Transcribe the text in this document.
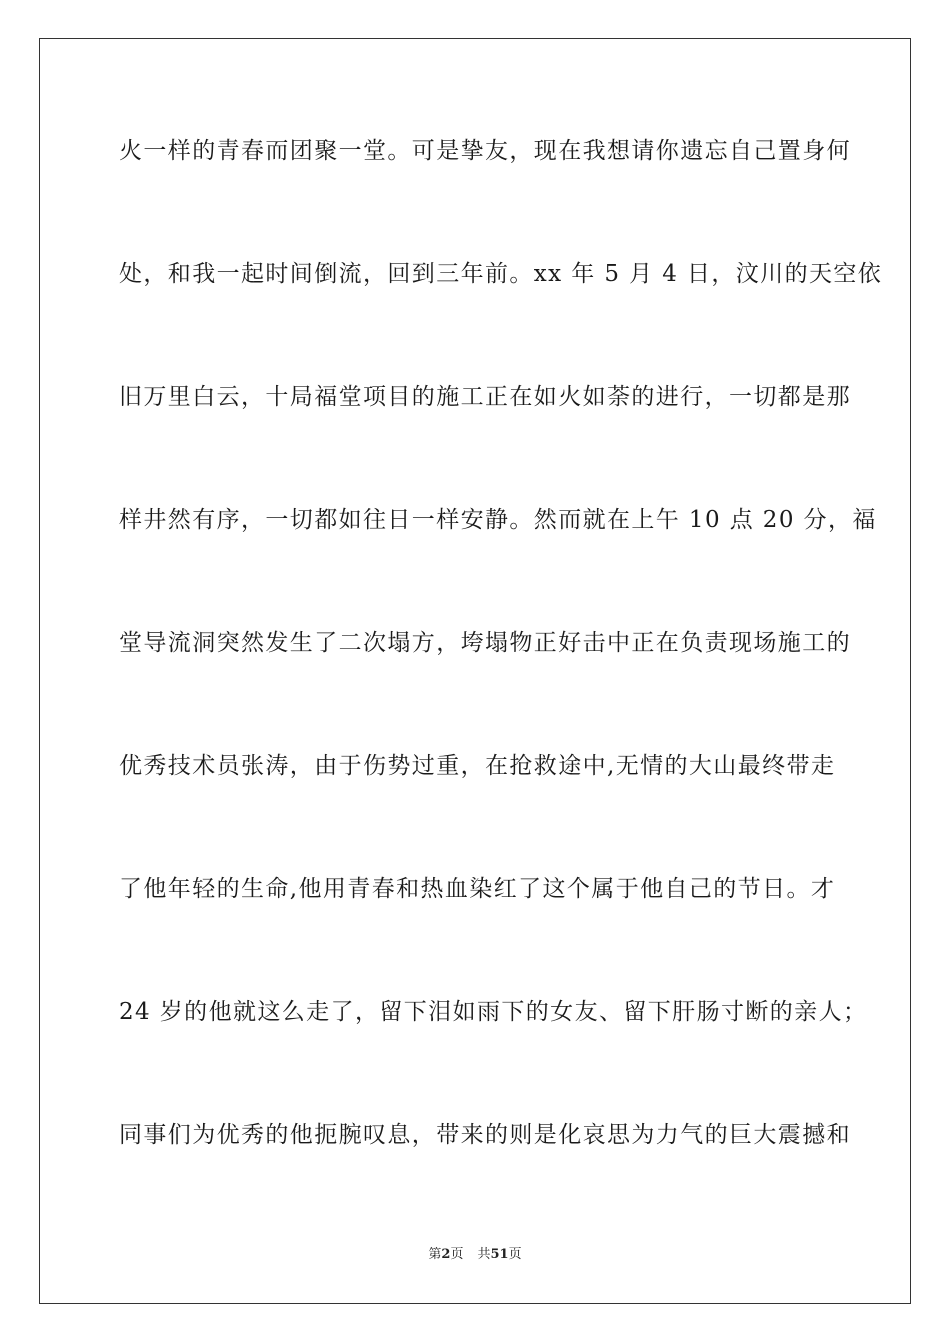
火一样的青春而团聚一堂。可是挚友，现在我想请你遗忘自己置身何
处，和我一起时间倒流，回到三年前。xx 年 5 月 4 日，汶川的天空依
旧万里白云，十局福堂项目的施工正在如火如荼的进行，一切都是那
样井然有序，一切都如往日一样安静。然而就在上午 10 点 20 分，福
堂导流洞突然发生了二次塌方，垮塌物正好击中正在负责现场施工的
优秀技术员张涛，由于伤势过重，在抢救途中,无情的大山最终带走
了他年轻的生命,他用青春和热血染红了这个属于他自己的节日。才
24 岁的他就这么走了，留下泪如雨下的女友、留下肝肠寸断的亲人；
同事们为优秀的他扼腕叹息，带来的则是化哀思为力气的巨大震撼和
第2页 共51页
